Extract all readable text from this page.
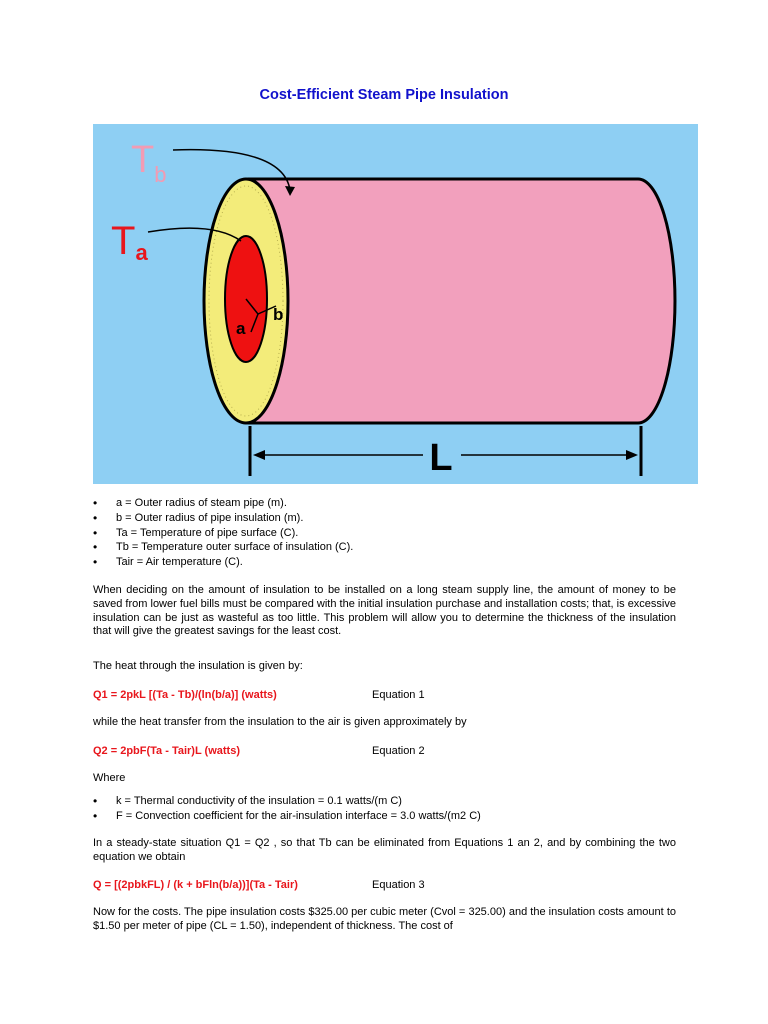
Cost-Efficient Steam Pipe Insulation
a
b
$T_b$
Ta
L
• a = Outer radius of steam pipe (m).
• b = Outer radius of pipe insulation (m).
• Ta = Temperature of pipe surface (C).
• Tb = Temperature outer surface of insulation (C).
• Tair = Air temperature (C).

When deciding on the amount of insulation to be installed on a long steam supply line, the amount of money to be saved from lower fuel bills must be compared with the initial insulation purchase and installation costs; that, is excessive insulation can be just as wasteful as too little. This problem will allow you to determine the thickness of the insulation that will give the greatest savings for the least cost.

The heat through the insulation is given by:

Q1 = 2pkL [(Ta - Tb)/(ln(b/a)] (watts)	Equation 1

while the heat transfer from the insulation to the air is given approximately by

Q2 = 2pbF(Ta - Tair)L (watts)	Equation 2

Where

• k = Thermal conductivity of the insulation = 0.1 watts/(m C)
• F = Convection coefficient for the air-insulation interface = 3.0 watts/(m2 C)

In a steady-state situation Q1 = Q2 , so that Tb can be eliminated from Equations 1 an 2, and by combining the two equation we obtain

Q = [(2pbkFL) / (k + bFln(b/a))](Ta - Tair)	Equation 3

Now for the costs. The pipe insulation costs $325.00 per cubic meter (Cvol = 325.00) and the insulation costs amount to $1.50 per meter of pipe (CL = 1.50), independent of thickness. The cost of
